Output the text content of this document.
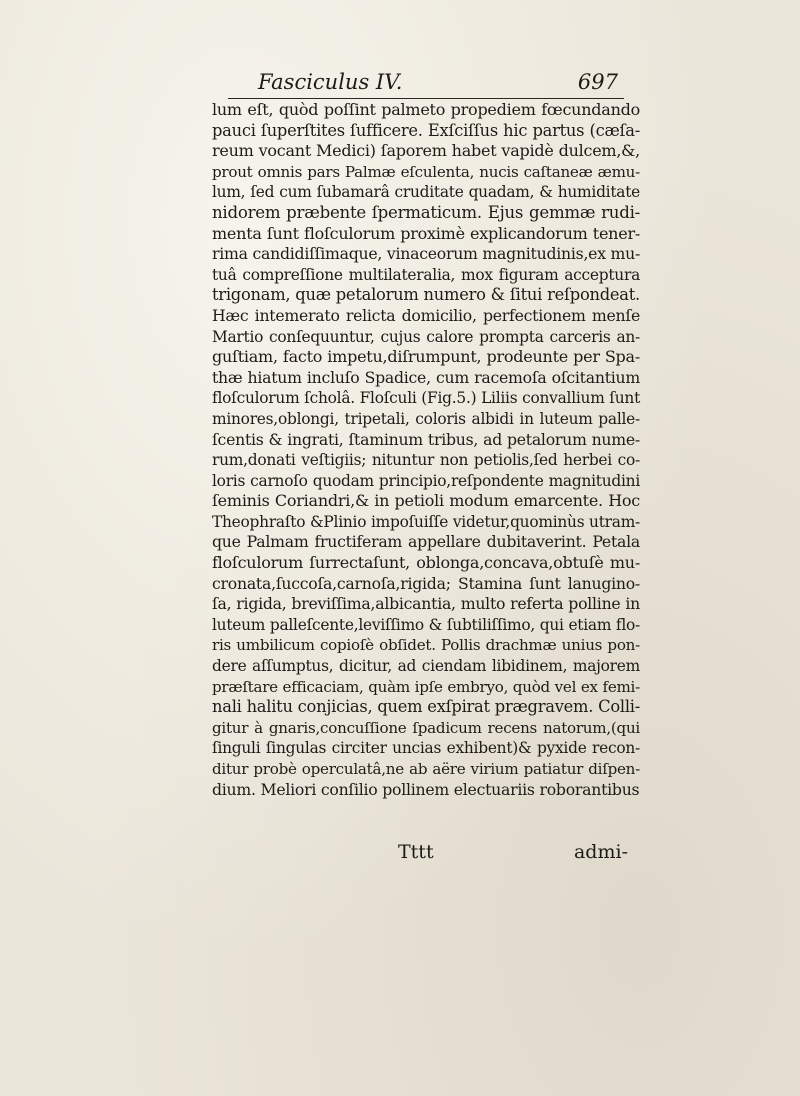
Fasciculus IV.	697
lum eſt, quòd poſſint palmeto propediem fœcundando
pauci ſuperſtites ſufficere. Exſciſſus hic partus (cæſa-
reum vocant Medici) ſaporem habet vapidè dulcem,&,
prout omnis pars Palmæ eſculenta, nucis caſtaneæ æmu-
lum, ſed cum ſubamarâ cruditate quadam, & humiditate
nidorem præbente ſpermaticum. Ejus gemmæ rudi-
menta ſunt floſculorum proximè explicandorum tener-
rima candidiſſimaque, vinaceorum magnitudinis,ex mu-
tuâ compreſſione multilateralia, mox figuram acceptura
trigonam, quæ petalorum numero & ſitui reſpondeat.
Hæc intemerato relicta domicilio, perfectionem menſe
Martio conſequuntur, cujus calore prompta carceris an-
guſtiam, facto impetu,diſrumpunt, prodeunte per Spa-
thæ hiatum incluſo Spadice, cum racemoſa oſcitantium
floſculorum ſcholâ. Floſculi (Fig.5.) Liliis convallium ſunt
minores,oblongi, tripetali, coloris albidi in luteum palle-
ſcentis & ingrati, ſtaminum tribus, ad petalorum nume-
rum,donati veſtigiis; nituntur non petiolis,ſed herbei co-
loris carnoſo quodam principio,reſpondente magnitudini
ſeminis Coriandri,& in petioli modum emarcente. Hoc
Theophraſto &Plinio impoſuiſſe videtur,quominùs utram-
que Palmam fructiferam appellare dubitaverint. Petala
floſculorum ſurrectaſunt, oblonga,concava,obtuſè mu-
cronata,ſuccoſa,carnoſa,rigida; Stamina ſunt lanugino-
ſa, rigida, breviſſima,albicantia, multo referta polline in
luteum palleſcente,leviſſimo & ſubtiliſſimo, qui etiam flo-
ris umbilicum copioſè obſidet. Pollis drachmæ unius pon-
dere aſſumptus, dicitur, ad ciendam libidinem, majorem
præſtare efficaciam, quàm ipſe embryo, quòd vel ex femi-
nali halitu conjicias, quem exſpirat prægravem. Colli-
gitur à gnaris,concuſſione ſpadicum recens natorum,(qui
ſinguli ſingulas circiter uncias exhibent)& pyxide recon-
ditur probè operculatâ,ne ab aëre virium patiatur diſpen-
dium. Meliori conſilio pollinem electuariis roborantibus
Tttt	admi-
